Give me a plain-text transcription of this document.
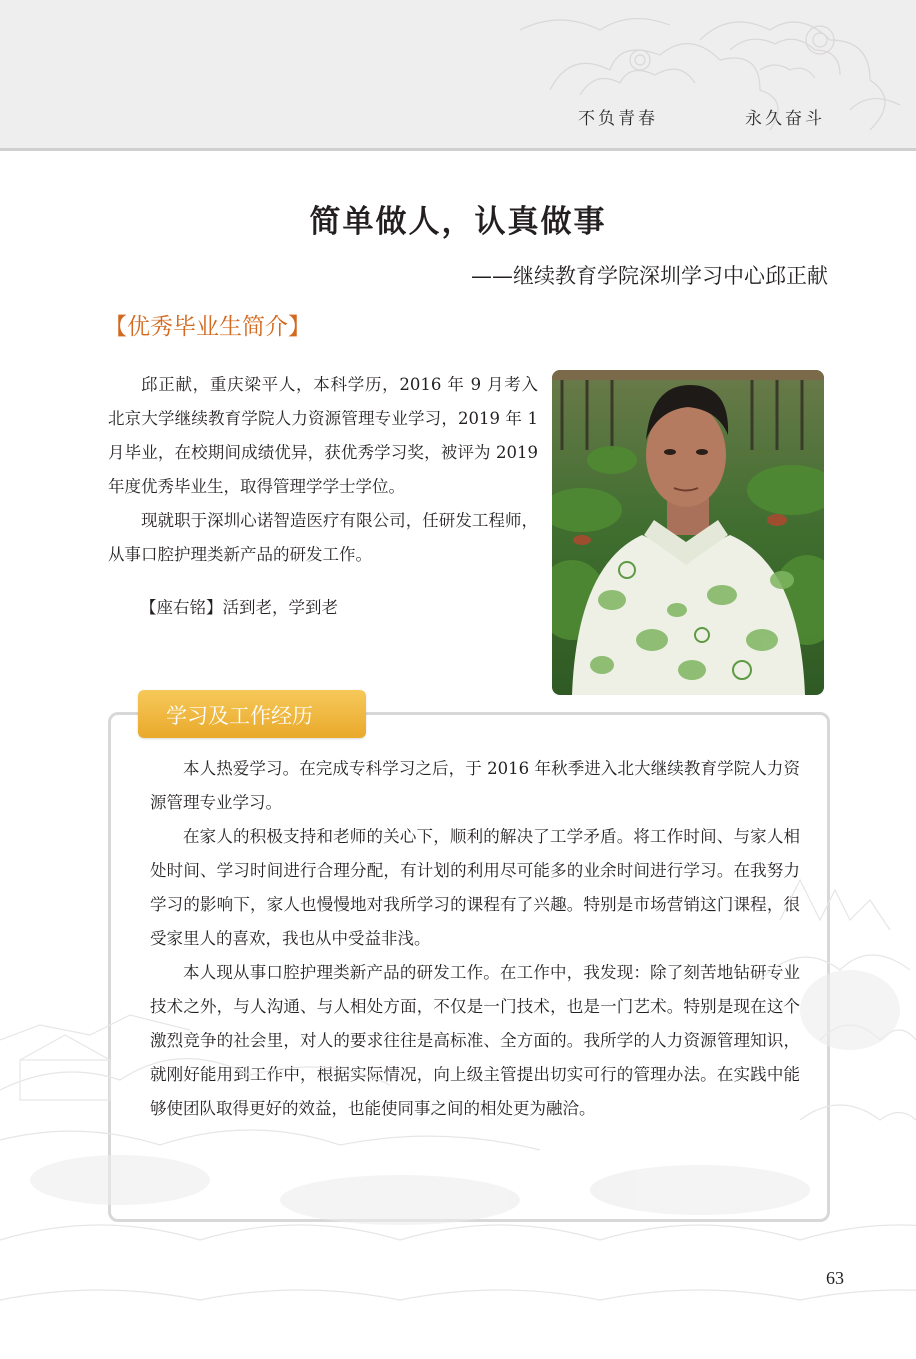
不负青春	永久奋斗
简单做人，认真做事
——继续教育学院深圳学习中心邱正献
【优秀毕业生简介】

邱正献，重庆梁平人，本科学历，2016 年 9 月考入北京大学继续教育学院人力资源管理专业学习，2019 年 1 月毕业，在校期间成绩优异，获优秀学习奖，被评为 2019 年度优秀毕业生，取得管理学学士学位。

现就职于深圳心诺智造医疗有限公司，任研发工程师，从事口腔护理类新产品的研发工作。

【座右铭】活到老，学到老
学习及工作经历

本人热爱学习。在完成专科学习之后，于 2016 年秋季进入北大继续教育学院人力资源管理专业学习。

在家人的积极支持和老师的关心下，顺利的解决了工学矛盾。将工作时间、与家人相处时间、学习时间进行合理分配，有计划的利用尽可能多的业余时间进行学习。在我努力学习的影响下，家人也慢慢地对我所学习的课程有了兴趣。特别是市场营销这门课程，很受家里人的喜欢，我也从中受益非浅。

本人现从事口腔护理类新产品的研发工作。在工作中，我发现：除了刻苦地钻研专业技术之外，与人沟通、与人相处方面，不仅是一门技术，也是一门艺术。特别是现在这个激烈竞争的社会里，对人的要求往往是高标准、全方面的。我所学的人力资源管理知识，就刚好能用到工作中，根据实际情况，向上级主管提出切实可行的管理办法。在实践中能够使团队取得更好的效益，也能使同事之间的相处更为融洽。

63
